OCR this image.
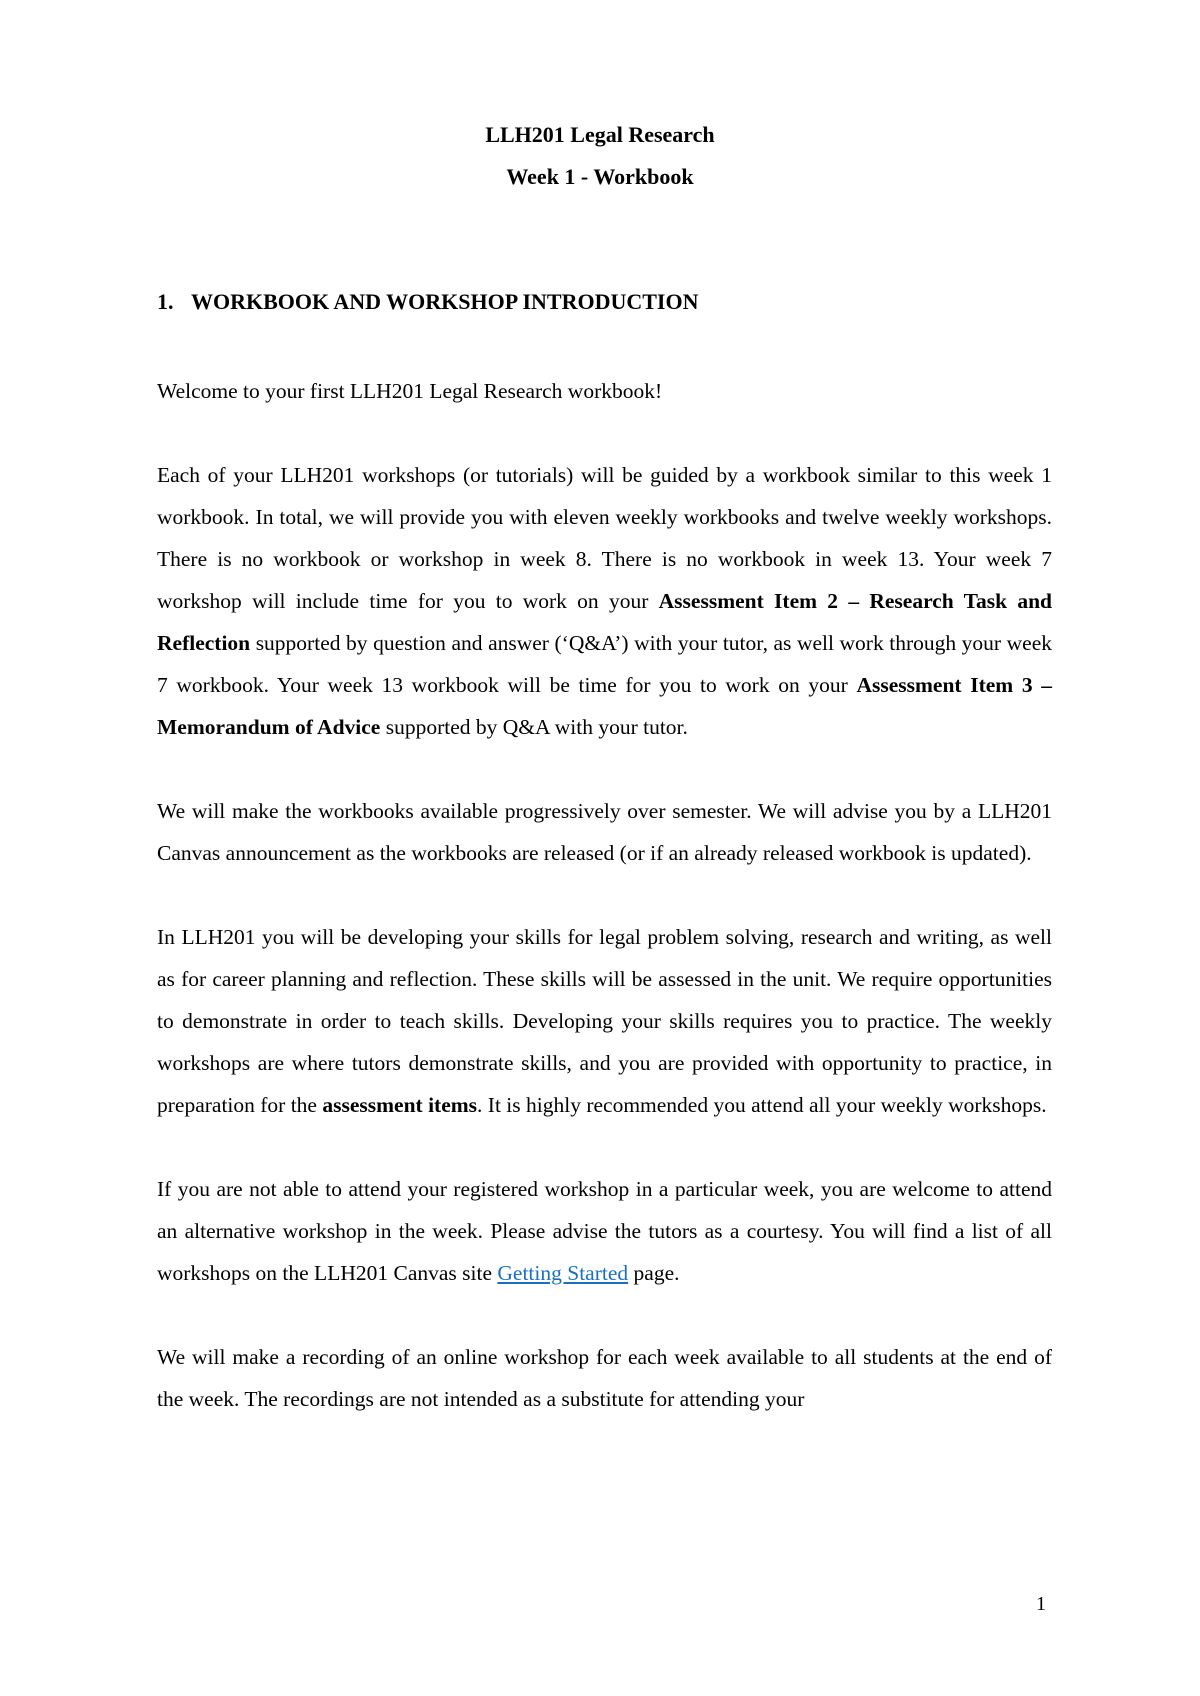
LLH201 Legal Research
Week 1 - Workbook
1. WORKBOOK AND WORKSHOP INTRODUCTION

Welcome to your first LLH201 Legal Research workbook!

Each of your LLH201 workshops (or tutorials) will be guided by a workbook similar to this week 1 workbook. In total, we will provide you with eleven weekly workbooks and twelve weekly workshops. There is no workbook or workshop in week 8. There is no workbook in week 13. Your week 7 workshop will include time for you to work on your Assessment Item 2 – Research Task and Reflection supported by question and answer (‘Q&A’) with your tutor, as well work through your week 7 workbook. Your week 13 workbook will be time for you to work on your Assessment Item 3 – Memorandum of Advice supported by Q&A with your tutor.

We will make the workbooks available progressively over semester. We will advise you by a LLH201 Canvas announcement as the workbooks are released (or if an already released workbook is updated).

In LLH201 you will be developing your skills for legal problem solving, research and writing, as well as for career planning and reflection. These skills will be assessed in the unit. We require opportunities to demonstrate in order to teach skills. Developing your skills requires you to practice. The weekly workshops are where tutors demonstrate skills, and you are provided with opportunity to practice, in preparation for the assessment items. It is highly recommended you attend all your weekly workshops.

If you are not able to attend your registered workshop in a particular week, you are welcome to attend an alternative workshop in the week. Please advise the tutors as a courtesy. You will find a list of all workshops on the LLH201 Canvas site Getting Started page.

We will make a recording of an online workshop for each week available to all students at the end of the week. The recordings are not intended as a substitute for attending your

1
